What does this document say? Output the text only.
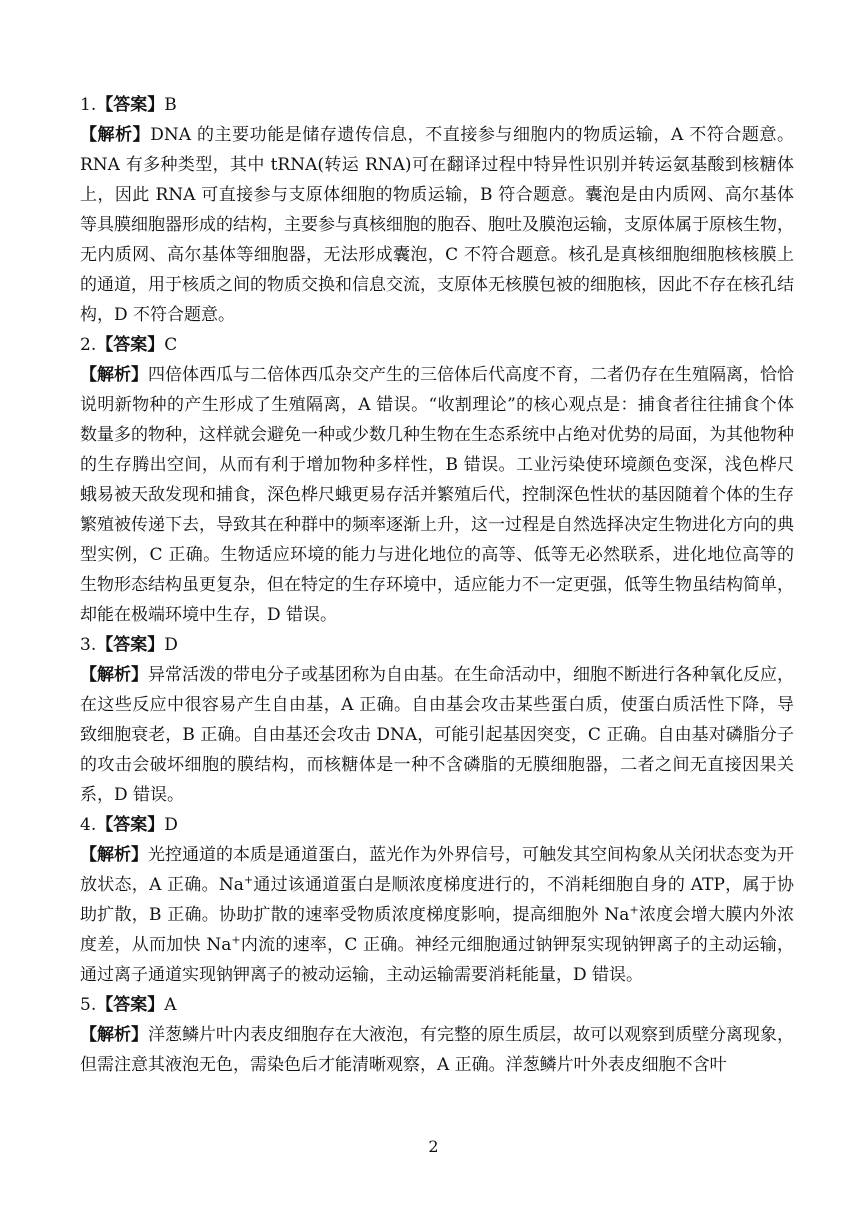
1.【答案】B

【解析】DNA 的主要功能是储存遗传信息，不直接参与细胞内的物质运输，A 不符合题意。RNA 有多种类型，其中 tRNA(转运 RNA)可在翻译过程中特异性识别并转运氨基酸到核糖体上，因此 RNA 可直接参与支原体细胞的物质运输，B 符合题意。囊泡是由内质网、高尔基体等具膜细胞器形成的结构，主要参与真核细胞的胞吞、胞吐及膜泡运输，支原体属于原核生物，无内质网、高尔基体等细胞器，无法形成囊泡，C 不符合题意。核孔是真核细胞细胞核核膜上的通道，用于核质之间的物质交换和信息交流，支原体无核膜包被的细胞核，因此不存在核孔结构，D 不符合题意。

2.【答案】C

【解析】四倍体西瓜与二倍体西瓜杂交产生的三倍体后代高度不育，二者仍存在生殖隔离，恰恰说明新物种的产生形成了生殖隔离，A 错误。“收割理论”的核心观点是：捕食者往往捕食个体数量多的物种，这样就会避免一种或少数几种生物在生态系统中占绝对优势的局面，为其他物种的生存腾出空间，从而有利于增加物种多样性，B 错误。工业污染使环境颜色变深，浅色桦尺蛾易被天敌发现和捕食，深色桦尺蛾更易存活并繁殖后代，控制深色性状的基因随着个体的生存繁殖被传递下去，导致其在种群中的频率逐渐上升，这一过程是自然选择决定生物进化方向的典型实例，C 正确。生物适应环境的能力与进化地位的高等、低等无必然联系，进化地位高等的生物形态结构虽更复杂，但在特定的生存环境中，适应能力不一定更强，低等生物虽结构简单，却能在极端环境中生存，D 错误。

3.【答案】D

【解析】异常活泼的带电分子或基团称为自由基。在生命活动中，细胞不断进行各种氧化反应，在这些反应中很容易产生自由基，A 正确。自由基会攻击某些蛋白质，使蛋白质活性下降，导致细胞衰老，B 正确。自由基还会攻击 DNA，可能引起基因突变，C 正确。自由基对磷脂分子的攻击会破坏细胞的膜结构，而核糖体是一种不含磷脂的无膜细胞器，二者之间无直接因果关系，D 错误。

4.【答案】D

【解析】光控通道的本质是通道蛋白，蓝光作为外界信号，可触发其空间构象从关闭状态变为开放状态，A 正确。Na+通过该通道蛋白是顺浓度梯度进行的，不消耗细胞自身的 ATP，属于协助扩散，B 正确。协助扩散的速率受物质浓度梯度影响，提高细胞外 Na+浓度会增大膜内外浓度差，从而加快 Na+内流的速率，C 正确。神经元细胞通过钠钾泵实现钠钾离子的主动运输，通过离子通道实现钠钾离子的被动运输，主动运输需要消耗能量，D 错误。

5.【答案】A

【解析】洋葱鳞片叶内表皮细胞存在大液泡，有完整的原生质层，故可以观察到质壁分离现象，但需注意其液泡无色，需染色后才能清晰观察，A 正确。洋葱鳞片叶外表皮细胞不含叶

2
